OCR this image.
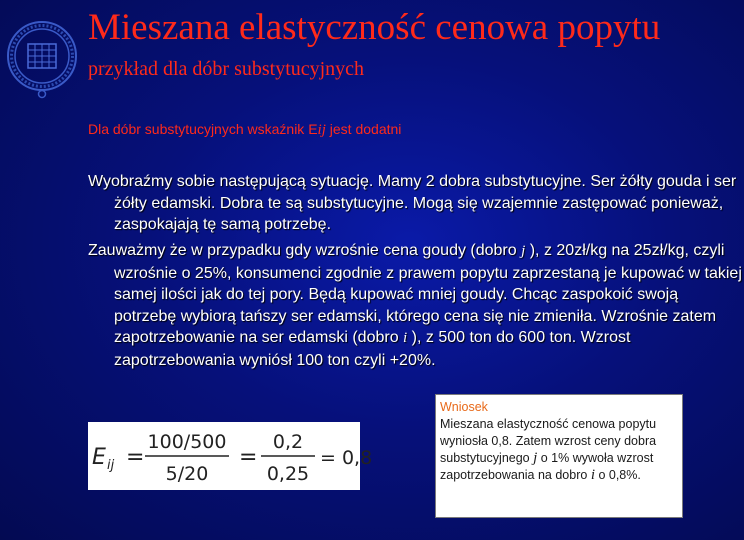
Mieszana elastyczność cenowa popytu
przykład dla dóbr substytucyjnych

Dla dóbr substytucyjnych wskaźnik Eij jest dodatni

Wyobraźmy sobie następującą sytuację. Mamy 2 dobra substytucyjne. Ser żółty gouda i ser żółty edamski. Dobra te są substytucyjne. Mogą się wzajemnie zastępować ponieważ, zaspokajają tę samą potrzebę.

Zauważmy że w przypadku gdy wzrośnie cena goudy (dobro j ), z 20zł/kg na 25zł/kg, czyli wzrośnie o 25%, konsumenci zgodnie z prawem popytu zaprzestaną je kupować w takiej samej ilości jak do tej pory. Będą kupować mniej goudy. Chcąc zaspokoić swoją potrzebę wybiorą tańszy ser edamski, którego cena się nie zmieniła. Wzrośnie zatem zapotrzebowanie na ser edamski (dobro i ), z 500 ton do 600 ton. Wzrost zapotrzebowania wyniósł 100 ton czyli +20%.

E ij =
100/500
5/20
=
0,2
0,25
= 0,8
Wniosek
Mieszana elastyczność cenowa popytu wyniosła 0,8. Zatem wzrost ceny dobra substytucyjnego j o 1% wywoła wzrost zapotrzebowania na dobro i o 0,8%.
